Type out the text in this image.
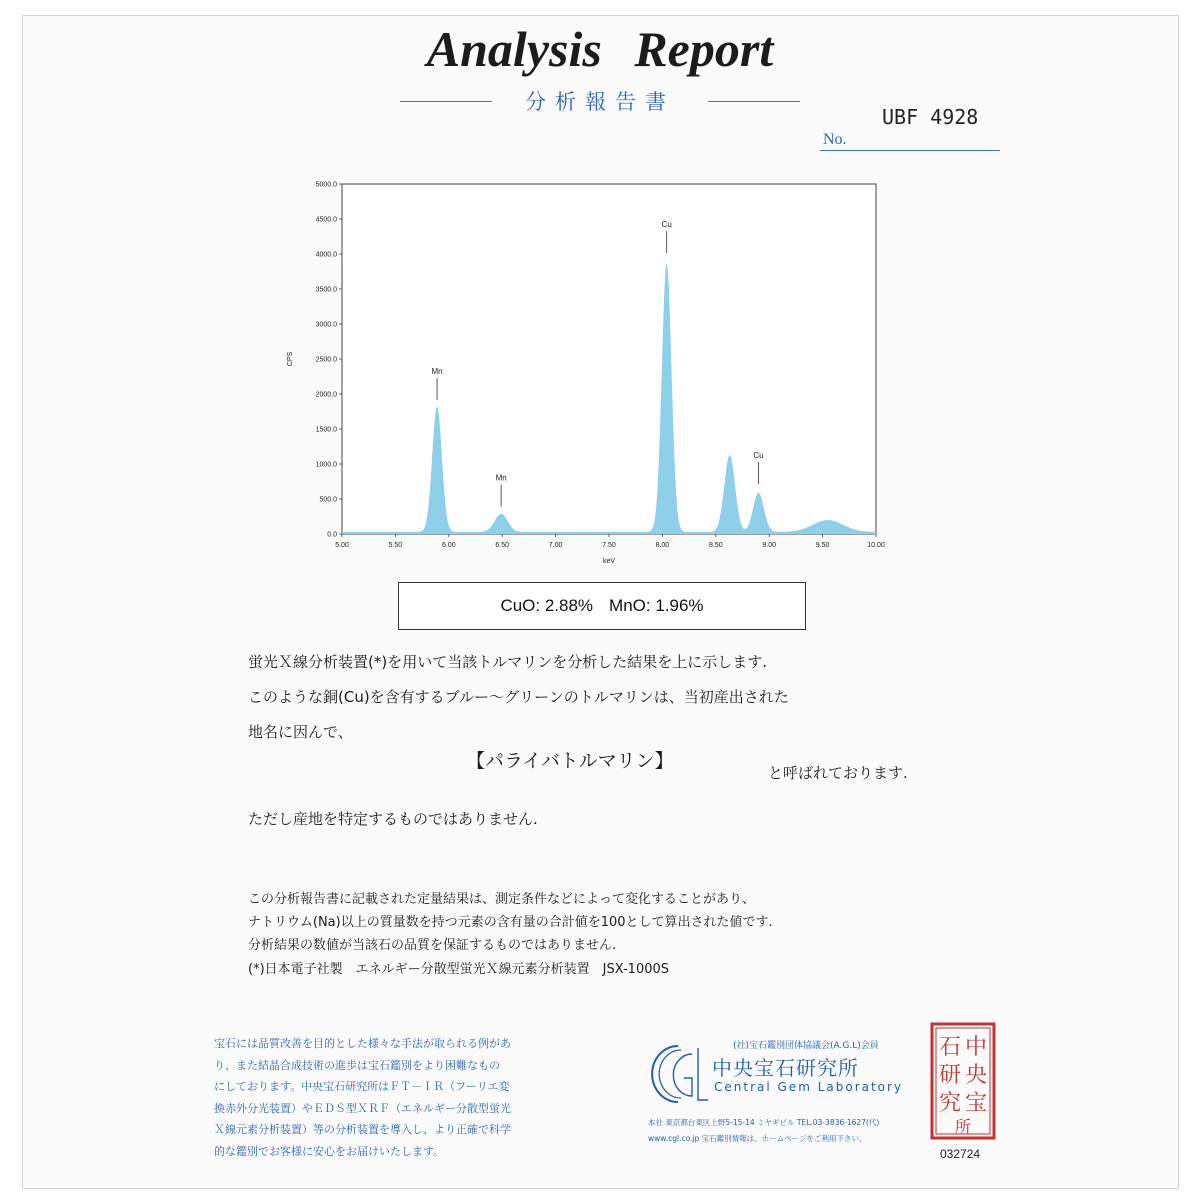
Analysis Report
分析報告書
UBF 4928
No.
Mn
Mn
Cu
Cu
5.00	5.50	6.00	6.50	7.00	7.50	8.00	8.50	9.00	9.50	10.00
0.0
500.0
1000.0
1500.0
2000.0
2500.0
3000.0
3500.0
4000.0
4500.0
5000.0
keV
CPS
CuO: 2.88% MnO: 1.96%
蛍光Ｘ線分析装置(*)を用いて当該トルマリンを分析した結果を上に示します.
このような銅(Cu)を含有するブルー〜グリーンのトルマリンは、当初産出された
地名に因んで、
【パライバトルマリン】
と呼ばれております.
ただし産地を特定するものではありません.
この分析報告書に記載された定量結果は、測定条件などによって変化することがあり、
ナトリウム(Na)以上の質量数を持つ元素の含有量の合計値を100として算出された値です.
分析結果の数値が当該石の品質を保証するものではありません.
(*)日本電子社製　エネルギー分散型蛍光Ｘ線元素分析装置　JSX-1000S
宝石には品質改善を目的とした様々な手法が取られる例があ
り、また結晶合成技術の進歩は宝石鑑別をより困難なもの
にしております。中央宝石研究所はＦＴ－ＩＲ（フーリエ変
換赤外分光装置）やＥＤＳ型ＸＲＦ（エネルギー分散型蛍光
Ｘ線元素分析装置）等の分析装置を導入し、より正確で科学
的な鑑別でお客様に安心をお届けいたします。
(社)宝石鑑別団体協議会(A.G.L)会員
中央宝石研究所
Central Gem Laboratory
本社 東京都台東区上野5-15-14 ミヤギビル TEL.03-3836-1627(代)
www.cgl.co.jp 宝石鑑別情報は、ホームページをご利用下さい。
中
央
宝
石
研
究
所
032724
